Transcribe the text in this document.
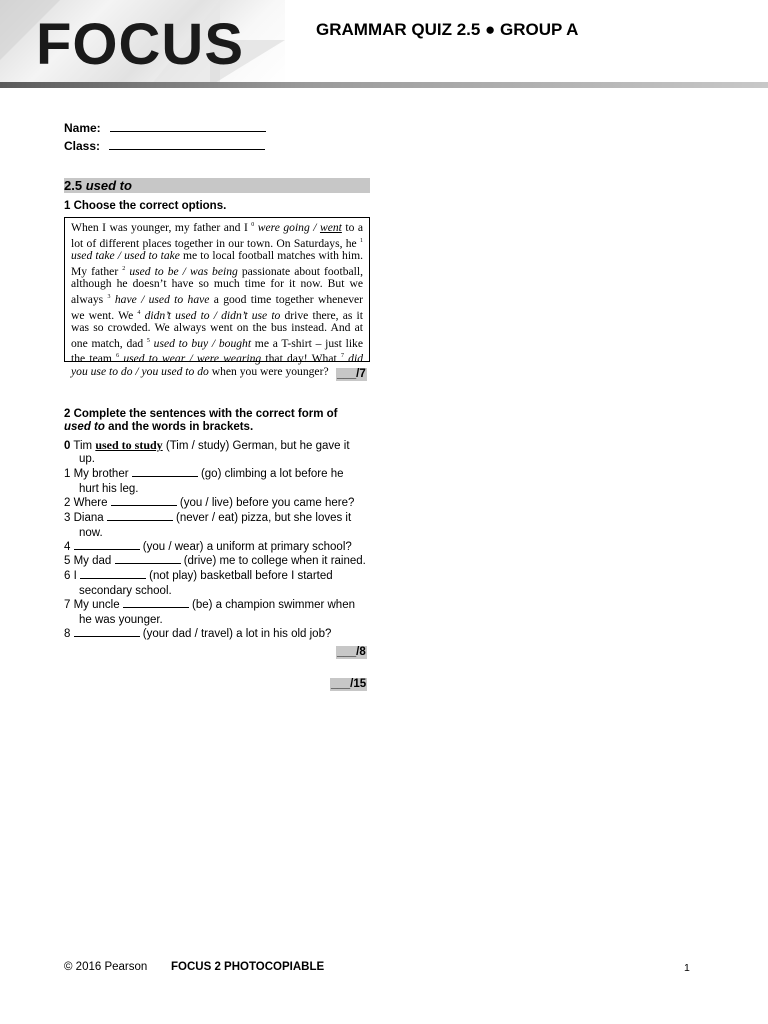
FOCUS	GRAMMAR QUIZ 2.5 ● GROUP A
Name:
Class:
2.5 used to
1 Choose the correct options.
When I was younger, my father and I $^0$ were going / went to a lot of different places together in our town. On Saturdays, he $^1$ used take / used to take me to local football matches with him. My father $^2$ used to be / was being passionate about football, although he doesn’t have so much time for it now. But we always $^3$ have / used to have a good time together whenever we went. We $^4$ didn’t used to / didn’t use to drive there, as it was so crowded. We always went on the bus instead. And at one match, dad $^5$ used to buy / bought me a T-shirt – just like the team $^6$ used to wear / were wearing that day! What $^7$ did you use to do / you used to do when you were younger? ___/7
2 Complete the sentences with the correct form of
used to and the words in brackets.
0 Tim used to study (Tim / study) German, but he gave it
up.
1 My brother	(go) climbing a lot before he
hurt his leg.
2 Where	(you / live) before you came here?
3 Diana	(never / eat) pizza, but she loves it
now.
4	(you / wear) a uniform at primary school?
5 My dad	(drive) me to college when it rained.
6 I	(not play) basketball before I started
secondary school.
7 My uncle	(be) a champion swimmer when
he was younger.
8	(your dad / travel) a lot in his old job?
___/8
___/15
© 2016 Pearson FOCUS 2 PHOTOCOPIABLE	1
